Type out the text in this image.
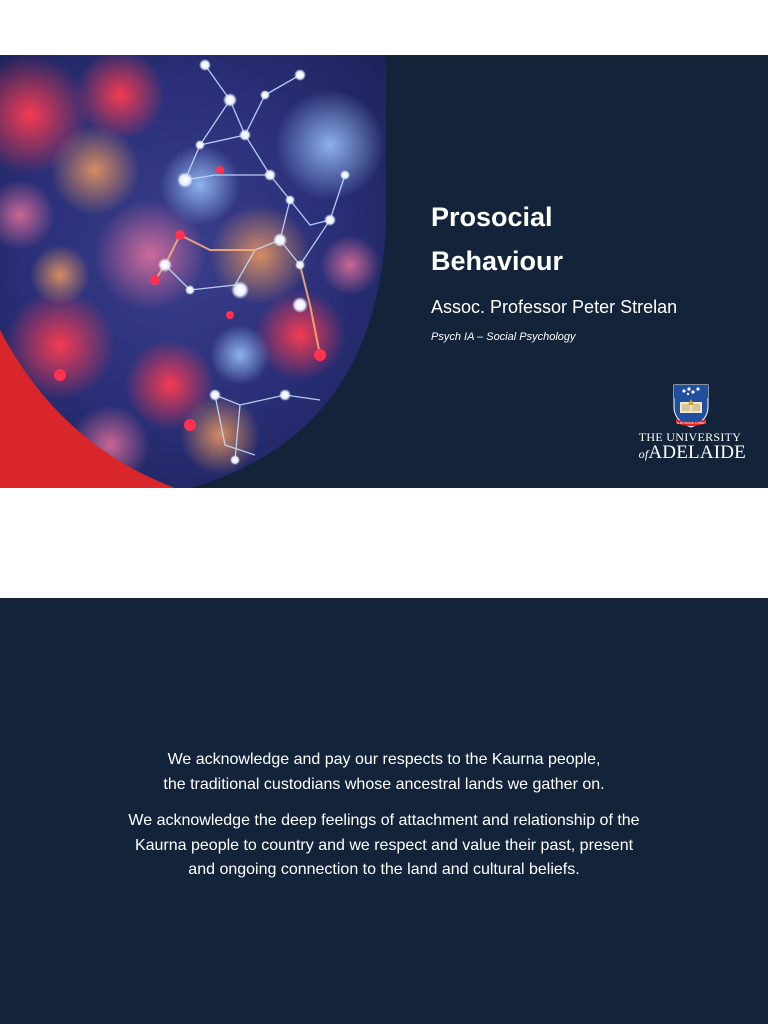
Prosocial
Behaviour

Assoc. Professor Peter Strelan

Psych IA – Social Psychology

SUB CRUCE LUMEN
THE UNIVERSITY
ofADELAIDE

We acknowledge and pay our respects to the Kaurna people,
the traditional custodians whose ancestral lands we gather on.

We acknowledge the deep feelings of attachment and relationship of the
Kaurna people to country and we respect and value their past, present
and ongoing connection to the land and cultural beliefs.
